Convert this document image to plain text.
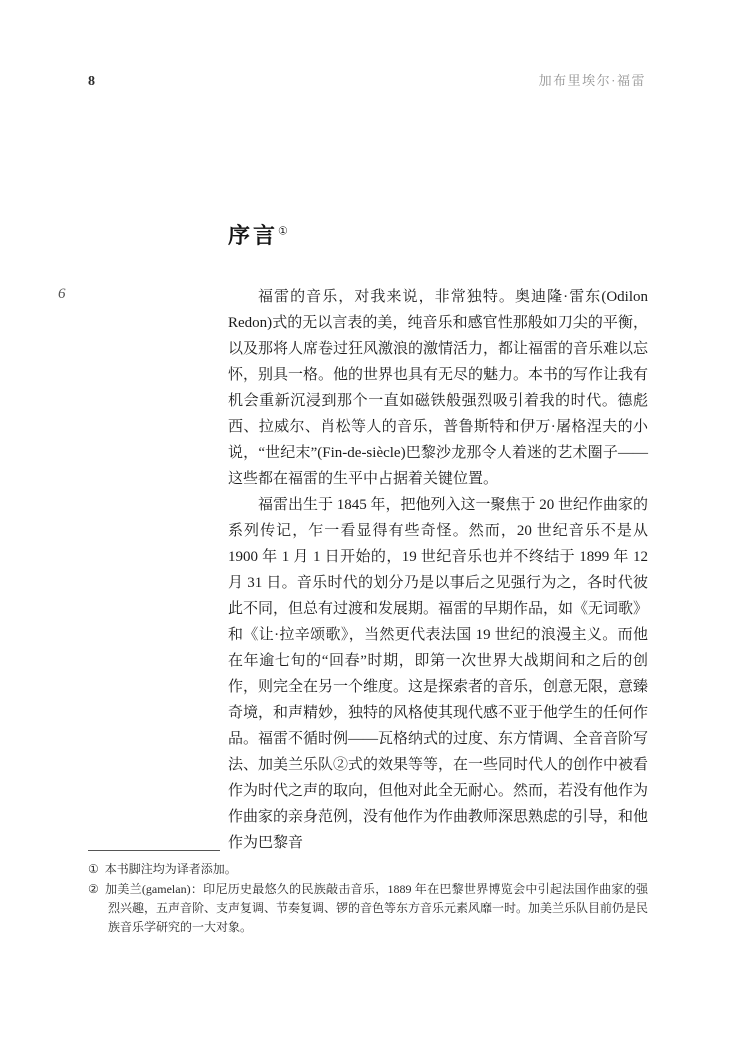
8	加布里埃尔·福雷
6
序言①

福雷的音乐，对我来说，非常独特。奥迪隆·雷东(Odilon Redon)式的无以言表的美，纯音乐和感官性那般如刀尖的平衡，以及那将人席卷过狂风激浪的激情活力，都让福雷的音乐难以忘怀，别具一格。他的世界也具有无尽的魅力。本书的写作让我有机会重新沉浸到那个一直如磁铁般强烈吸引着我的时代。德彪西、拉威尔、肖松等人的音乐，普鲁斯特和伊万·屠格涅夫的小说，“世纪末”(Fin-de-siècle)巴黎沙龙那令人着迷的艺术圈子——这些都在福雷的生平中占据着关键位置。

福雷出生于 1845 年，把他列入这一聚焦于 20 世纪作曲家的系列传记，乍一看显得有些奇怪。然而，20 世纪音乐不是从 1900 年 1 月 1 日开始的，19 世纪音乐也并不终结于 1899 年 12 月 31 日。音乐时代的划分乃是以事后之见强行为之，各时代彼此不同，但总有过渡和发展期。福雷的早期作品，如《无词歌》和《让·拉辛颂歌》，当然更代表法国 19 世纪的浪漫主义。而他在年逾七旬的“回春”时期，即第一次世界大战期间和之后的创作，则完全在另一个维度。这是探索者的音乐，创意无限，意臻奇境，和声精妙，独特的风格使其现代感不亚于他学生的任何作品。福雷不循时例——瓦格纳式的过度、东方情调、全音音阶写法、加美兰乐队②式的效果等等，在一些同时代人的创作中被看作为时代之声的取向，但他对此全无耐心。然而，若没有他作为作曲家的亲身范例，没有他作为作曲教师深思熟虑的引导，和他作为巴黎音

① 本书脚注均为译者添加。
② 加美兰(gamelan)：印尼历史最悠久的民族敲击音乐，1889 年在巴黎世界博览会中引起法国作曲家的强烈兴趣，五声音阶、支声复调、节奏复调、锣的音色等东方音乐元素风靡一时。加美兰乐队目前仍是民族音乐学研究的一大对象。
